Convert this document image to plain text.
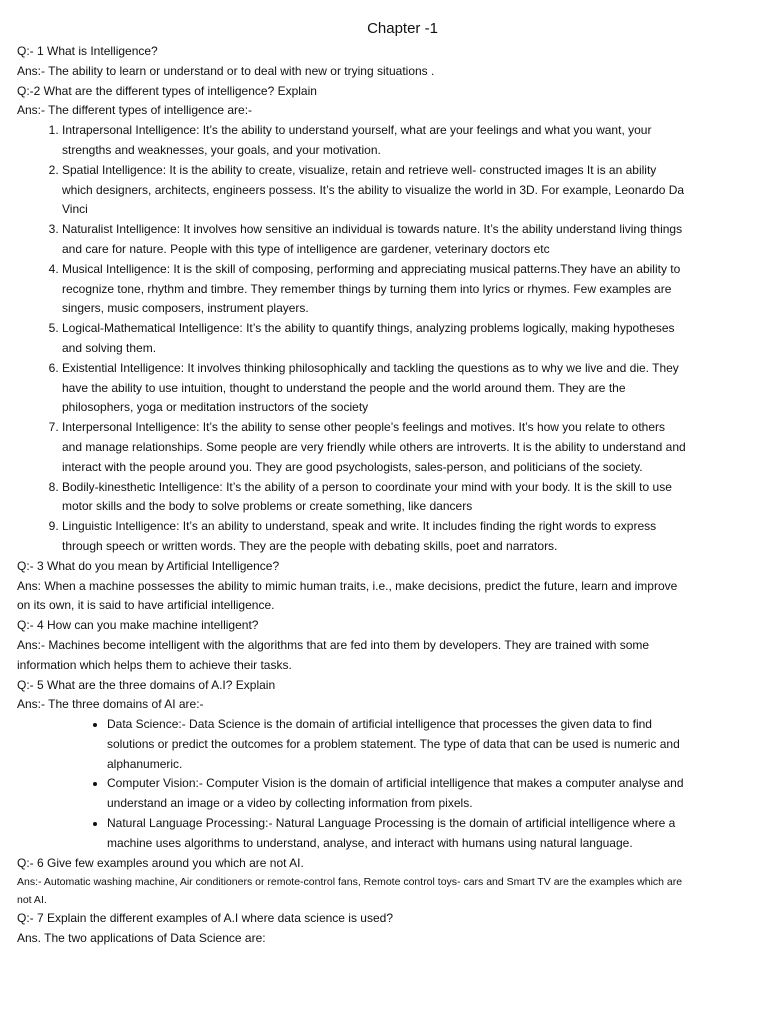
Chapter -1

Q:- 1 What is Intelligence?

Ans:- The ability to learn or understand or to deal with new or trying situations .

Q:-2 What are the different types of intelligence? Explain

Ans:- The different types of intelligence are:-

1. Intrapersonal Intelligence: It’s the ability to understand yourself, what are your feelings and what you want, your strengths and weaknesses, your goals, and your motivation.
2. Spatial Intelligence: It is the ability to create, visualize, retain and retrieve well- constructed images It is an ability which designers, architects, engineers possess. It’s the ability to visualize the world in 3D. For example, Leonardo Da Vinci
3. Naturalist Intelligence: It involves how sensitive an individual is towards nature. It’s the ability understand living things and care for nature. People with this type of intelligence are gardener, veterinary doctors etc
4. Musical Intelligence: It is the skill of composing, performing and appreciating musical patterns.They have an ability to recognize tone, rhythm and timbre. They remember things by turning them into lyrics or rhymes. Few examples are singers, music composers, instrument players.
5. Logical-Mathematical Intelligence: It’s the ability to quantify things, analyzing problems logically, making hypotheses and solving them.
6. Existential Intelligence: It involves thinking philosophically and tackling the questions as to why we live and die. They have the ability to use intuition, thought to understand the people and the world around them. They are the philosophers, yoga or meditation instructors of the society
7. Interpersonal Intelligence: It’s the ability to sense other people’s feelings and motives. It’s how you relate to others and manage relationships. Some people are very friendly while others are introverts. It is the ability to understand and interact with the people around you. They are good psychologists, sales-person, and politicians of the society.
8. Bodily-kinesthetic Intelligence: It’s the ability of a person to coordinate your mind with your body. It is the skill to use motor skills and the body to solve problems or create something, like dancers
9. Linguistic Intelligence: It’s an ability to understand, speak and write. It includes finding the right words to express through speech or written words. They are the people with debating skills, poet and narrators.

Q:- 3 What do you mean by Artificial Intelligence?

Ans: When a machine possesses the ability to mimic human traits, i.e., make decisions, predict the future, learn and improve on its own, it is said to have artificial intelligence.

Q:- 4 How can you make machine intelligent?

Ans:- Machines become intelligent with the algorithms that are fed into them by developers. They are trained with some information which helps them to achieve their tasks.

Q:- 5 What are the three domains of A.I? Explain

Ans:- The three domains of AI are:-

• Data Science:- Data Science is the domain of artificial intelligence that processes the given data to find solutions or predict the outcomes for a problem statement. The type of data that can be used is numeric and alphanumeric.
• Computer Vision:- Computer Vision is the domain of artificial intelligence that makes a computer analyse and understand an image or a video by collecting information from pixels.
• Natural Language Processing:- Natural Language Processing is the domain of artificial intelligence where a machine uses algorithms to understand, analyse, and interact with humans using natural language.

Q:- 6 Give few examples around you which are not AI.

Ans:- Automatic washing machine, Air conditioners or remote-control fans, Remote control toys- cars and Smart TV are the examples which are not AI.

Q:- 7 Explain the different examples of A.I where data science is used?

Ans. The two applications of Data Science are:
